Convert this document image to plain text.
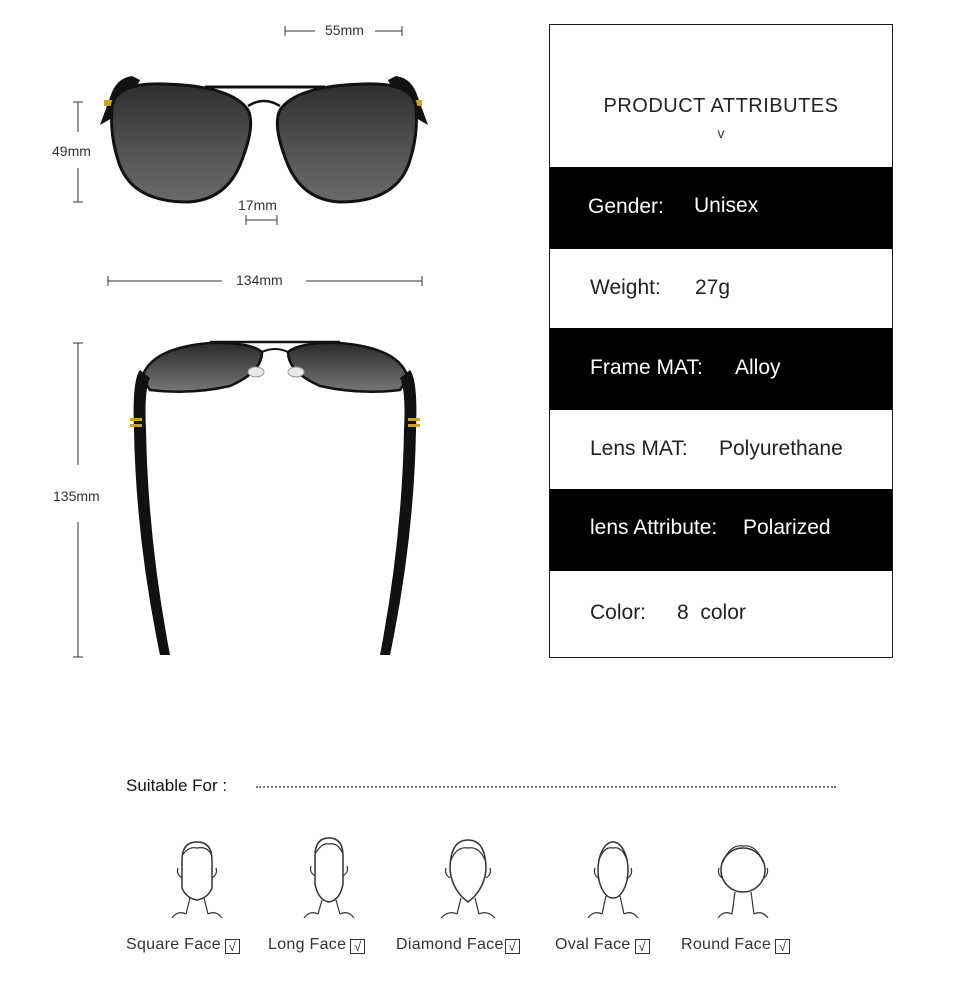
55mm
49mm
17mm
134mm
135mm
PRODUCT ATTRIBUTES
v
Gender: Unisex
Weight: 27g
Frame MAT: Alloy
Lens MAT: Polyurethane
lens Attribute: Polarized
Color: 8  color
Suitable For :
Square Face √ Long Face √ Diamond Face √ Oval Face √ Round Face √
